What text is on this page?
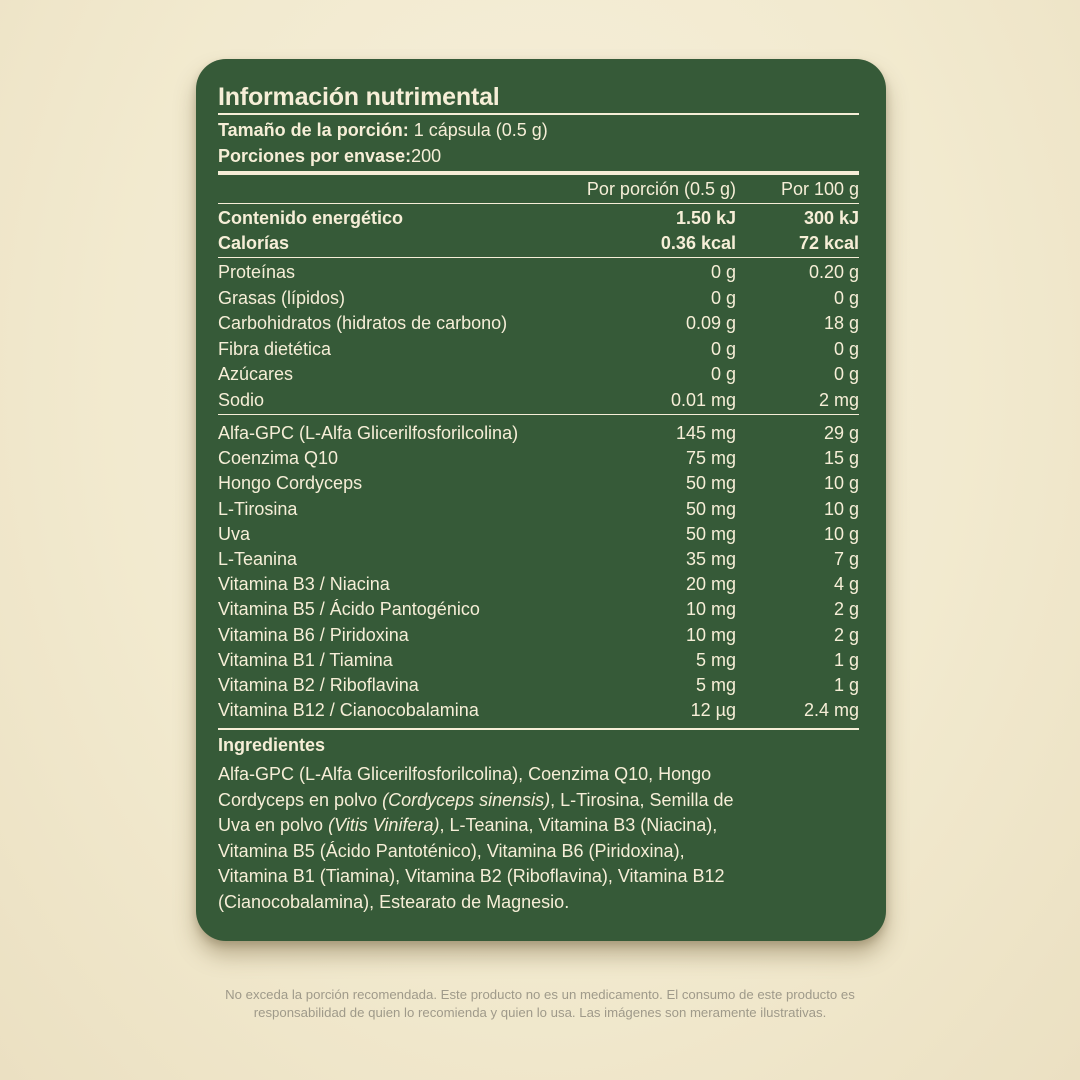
Información nutrimental
Tamaño de la porción: 1 cápsula (0.5 g)
Porciones por envase:200
Por porción (0.5 g) Por 100 g
Contenido energético	1.50 kJ	300 kJ
Calorías	0.36 kcal	72 kcal
Proteínas	0 g	0.20 g
Grasas (lípidos)	0 g	0 g
Carbohidratos (hidratos de carbono)	0.09 g	18 g
Fibra dietética	0 g	0 g
Azúcares	0 g	0 g
Sodio	0.01 mg	2 mg
Alfa-GPC (L-Alfa Glicerilfosforilcolina)	145 mg	29 g
Coenzima Q10	75 mg	15 g
Hongo Cordyceps	50 mg	10 g
L-Tirosina	50 mg	10 g
Uva	50 mg	10 g
L-Teanina	35 mg	7 g
Vitamina B3 / Niacina	20 mg	4 g
Vitamina B5 / Ácido Pantogénico	10 mg	2 g
Vitamina B6 / Piridoxina	10 mg	2 g
Vitamina B1 / Tiamina	5 mg	1 g
Vitamina B2 / Riboflavina	5 mg	1 g
Vitamina B12 / Cianocobalamina	12 µg	2.4 mg
Ingredientes

Alfa-GPC (L-Alfa Glicerilfosforilcolina), Coenzima Q10, Hongo

Cordyceps en polvo (Cordyceps sinensis), L-Tirosina, Semilla de

Uva en polvo (Vitis Vinifera), L-Teanina, Vitamina B3 (Niacina),

Vitamina B5 (Ácido Pantoténico), Vitamina B6 (Piridoxina),

Vitamina B1 (Tiamina), Vitamina B2 (Riboflavina), Vitamina B12

(Cianocobalamina), Estearato de Magnesio.

No exceda la porción recomendada. Este producto no es un medicamento. El consumo de este producto es

responsabilidad de quien lo recomienda y quien lo usa. Las imágenes son meramente ilustrativas.
